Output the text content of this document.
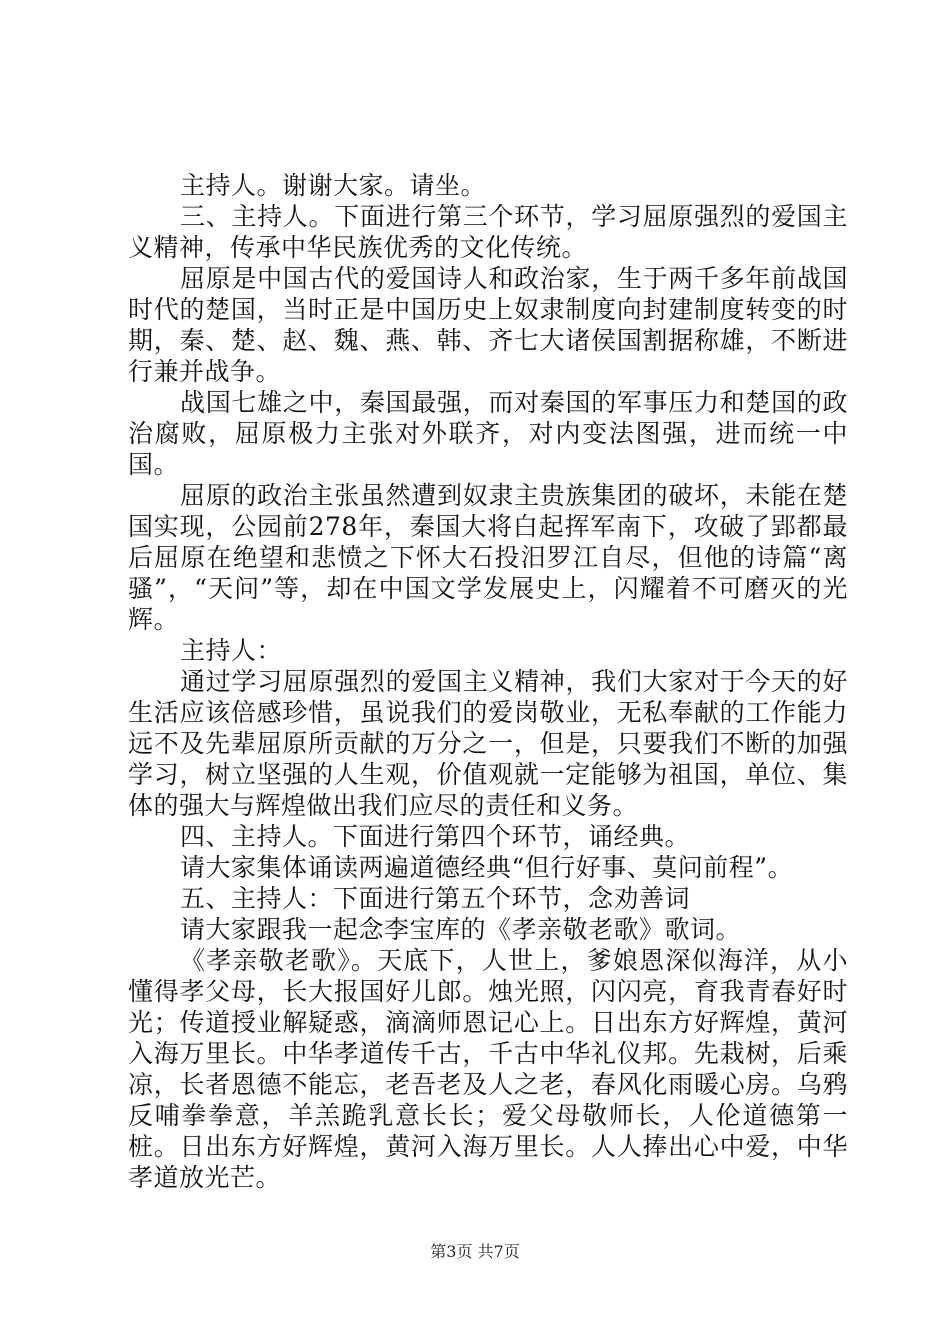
主持人。谢谢大家。请坐。

三、主持人。下面进行第三个环节，学习屈原强烈的爱国主义精神，传承中华民族优秀的文化传统。

屈原是中国古代的爱国诗人和政治家，生于两千多年前战国时代的楚国，当时正是中国历史上奴隶制度向封建制度转变的时期，秦、楚、赵、魏、燕、韩、齐七大诸侯国割据称雄，不断进行兼并战争。

战国七雄之中，秦国最强，而对秦国的军事压力和楚国的政治腐败，屈原极力主张对外联齐，对内变法图强，进而统一中国。

屈原的政治主张虽然遭到奴隶主贵族集团的破坏，未能在楚国实现，公园前278年，秦国大将白起挥军南下，攻破了郢都最后屈原在绝望和悲愤之下怀大石投汨罗江自尽，但他的诗篇“离骚”，“天问”等，却在中国文学发展史上，闪耀着不可磨灭的光辉。

主持人：

通过学习屈原强烈的爱国主义精神，我们大家对于今天的好生活应该倍感珍惜，虽说我们的爱岗敬业，无私奉献的工作能力远不及先辈屈原所贡献的万分之一，但是，只要我们不断的加强学习，树立坚强的人生观，价值观就一定能够为祖国，单位、集体的强大与辉煌做出我们应尽的责任和义务。

四、主持人。下面进行第四个环节，诵经典。

请大家集体诵读两遍道德经典“但行好事、莫问前程”。

五、主持人：下面进行第五个环节，念劝善词

请大家跟我一起念李宝库的《孝亲敬老歌》歌词。

《孝亲敬老歌》。天底下，人世上，爹娘恩深似海洋，从小懂得孝父母，长大报国好儿郎。烛光照，闪闪亮，育我青春好时光；传道授业解疑惑，滴滴师恩记心上。日出东方好辉煌，黄河入海万里长。中华孝道传千古，千古中华礼仪邦。先栽树，后乘凉，长者恩德不能忘，老吾老及人之老，春风化雨暖心房。乌鸦反哺拳拳意，羊羔跪乳意长长；爱父母敬师长，人伦道德第一桩。日出东方好辉煌，黄河入海万里长。人人捧出心中爱，中华孝道放光芒。

第3页 共7页
